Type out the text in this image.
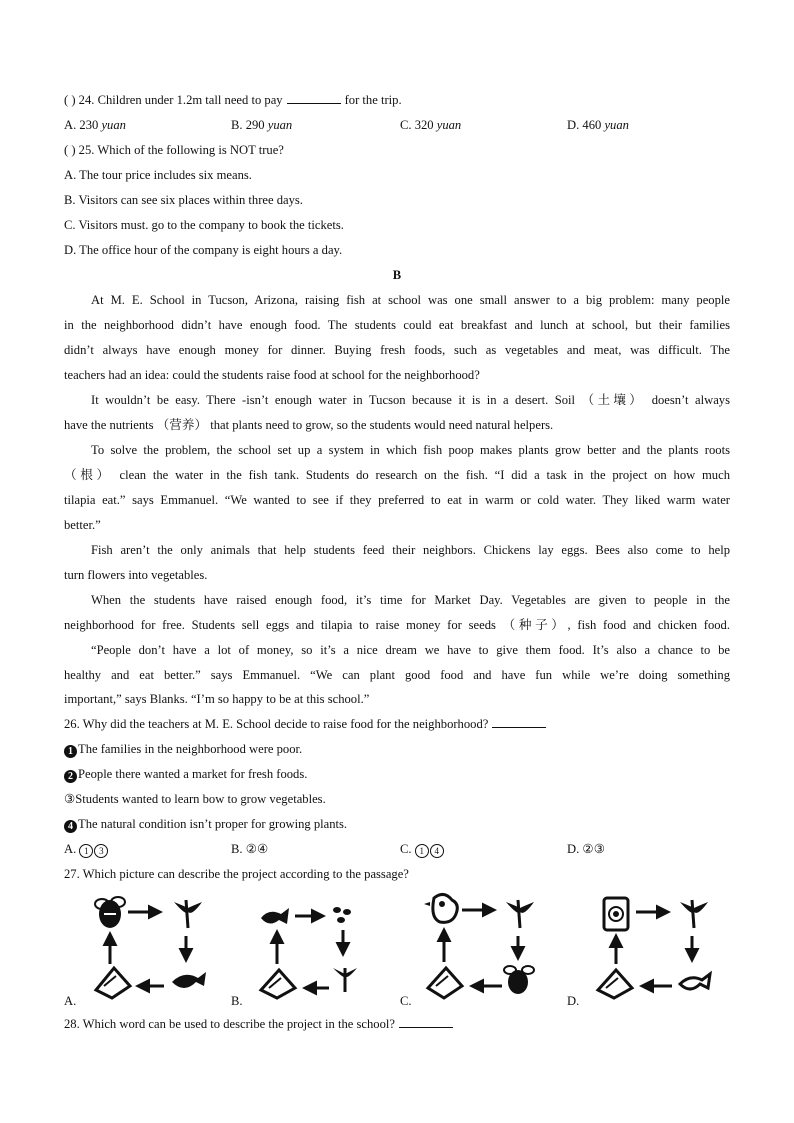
( ) 24. Children under 1.2m tall need to pay	for the trip.
A. 230 yuan	B. 290 yuan	C. 320 yuan	D. 460 yuan
( ) 25. Which of the following is NOT true?
A. The tour price includes six means.
B. Visitors can see six places within three days.
C. Visitors must. go to the company to book the tickets.
D. The office hour of the company is eight hours a day.
B
At M. E. School in Tucson, Arizona, raising fish at school was one small answer to a big problem: many people
in the neighborhood didn’t have enough food. The students could eat breakfast and lunch at school, but their families
didn’t always have enough money for dinner. Buying fresh foods, such as vegetables and meat, was difficult. The
teachers had an idea: could the students raise food at school for the neighborhood?
It wouldn’t be easy. There -isn’t enough water in Tucson because it is in a desert. Soil （土壤） doesn’t always
have the nutrients （营养） that plants need to grow, so the students would need natural helpers.
To solve the problem, the school set up a system in which fish poop makes plants grow better and the plants roots
（根） clean the water in the fish tank. Students do research on the fish. “I did a task in the project on how much
tilapia eat.” says Emmanuel. “We wanted to see if they preferred to eat in warm or cold water. They liked warm water
better.”
Fish aren’t the only animals that help students feed their neighbors. Chickens lay eggs. Bees also come to help
turn flowers into vegetables.
When the students have raised enough food, it’s time for Market Day. Vegetables are given to people in the
neighborhood for free. Students sell eggs and tilapia to raise money for seeds （种子）, fish food and chicken food.
“People don’t have a lot of money, so it’s a nice dream we have to give them food. It’s also a chance to be
healthy and eat better.” says Emmanuel. “We can plant good food and have fun while we’re doing something
important,” says Blanks. “I’m so happy to be at this school.”
26. Why did the teachers at M. E. School decide to raise food for the neighborhood?
1 The families in the neighborhood were poor.
2 People there wanted a market for fresh foods.
③Students wanted to learn bow to grow vegetables.
4 The natural condition isn’t proper for growing plants.
A. 1 3	B. ②④	C. 1 4	D. ②③
27. Which picture can describe the project according to the passage?
A.	B.	C.	D.
28. Which word can be used to describe the project in the school?
